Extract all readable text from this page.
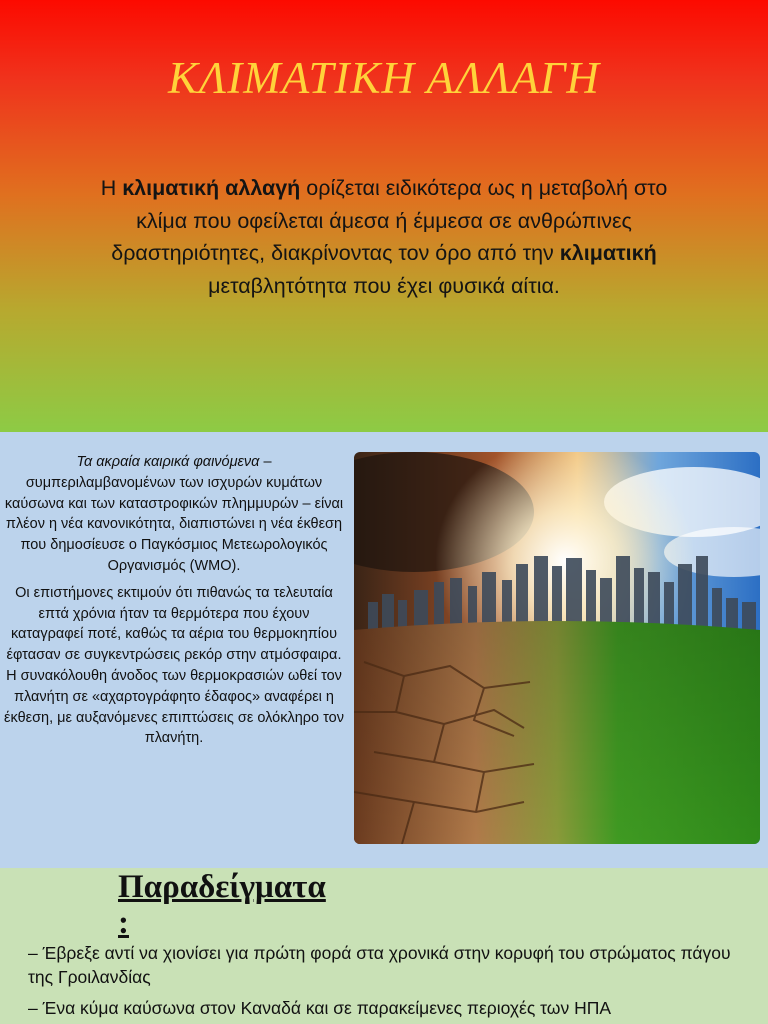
ΚΛΙΜΑΤΙΚΗ ΑΛΛΑΓΗ
Η κλιματική αλλαγή ορίζεται ειδικότερα ως η μεταβολή στο κλίμα που οφείλεται άμεσα ή έμμεσα σε ανθρώπινες δραστηριότητες, διακρίνοντας τον όρο από την κλιματική μεταβλητότητα που έχει φυσικά αίτια.

Τα ακραία καιρικά φαινόμενα – συμπεριλαμβανομένων των ισχυρών κυμάτων καύσωνα και των καταστροφικών πλημμυρών – είναι πλέον η νέα κανονικότητα, διαπιστώνει η νέα έκθεση που δημοσίευσε ο Παγκόσμιος Μετεωρολογικός Οργανισμός (WMO).

Οι επιστήμονες εκτιμούν ότι πιθανώς τα τελευταία επτά χρόνια ήταν τα θερμότερα που έχουν καταγραφεί ποτέ, καθώς τα αέρια του θερμοκηπίου έφτασαν σε συγκεντρώσεις ρεκόρ στην ατμόσφαιρα. Η συνακόλουθη άνοδος των θερμοκρασιών ωθεί τον πλανήτη σε «αχαρτογράφητο έδαφος» αναφέρει η έκθεση, με αυξανόμενες επιπτώσεις σε ολόκληρο τον πλανήτη.

Παραδείγματα
:

– Έβρεξε αντί να χιονίσει για πρώτη φορά στα χρονικά στην κορυφή του στρώματος πάγου της Γροιλανδίας

– Ένα κύμα καύσωνα στον Καναδά και σε παρακείμενες περιοχές των ΗΠΑ
